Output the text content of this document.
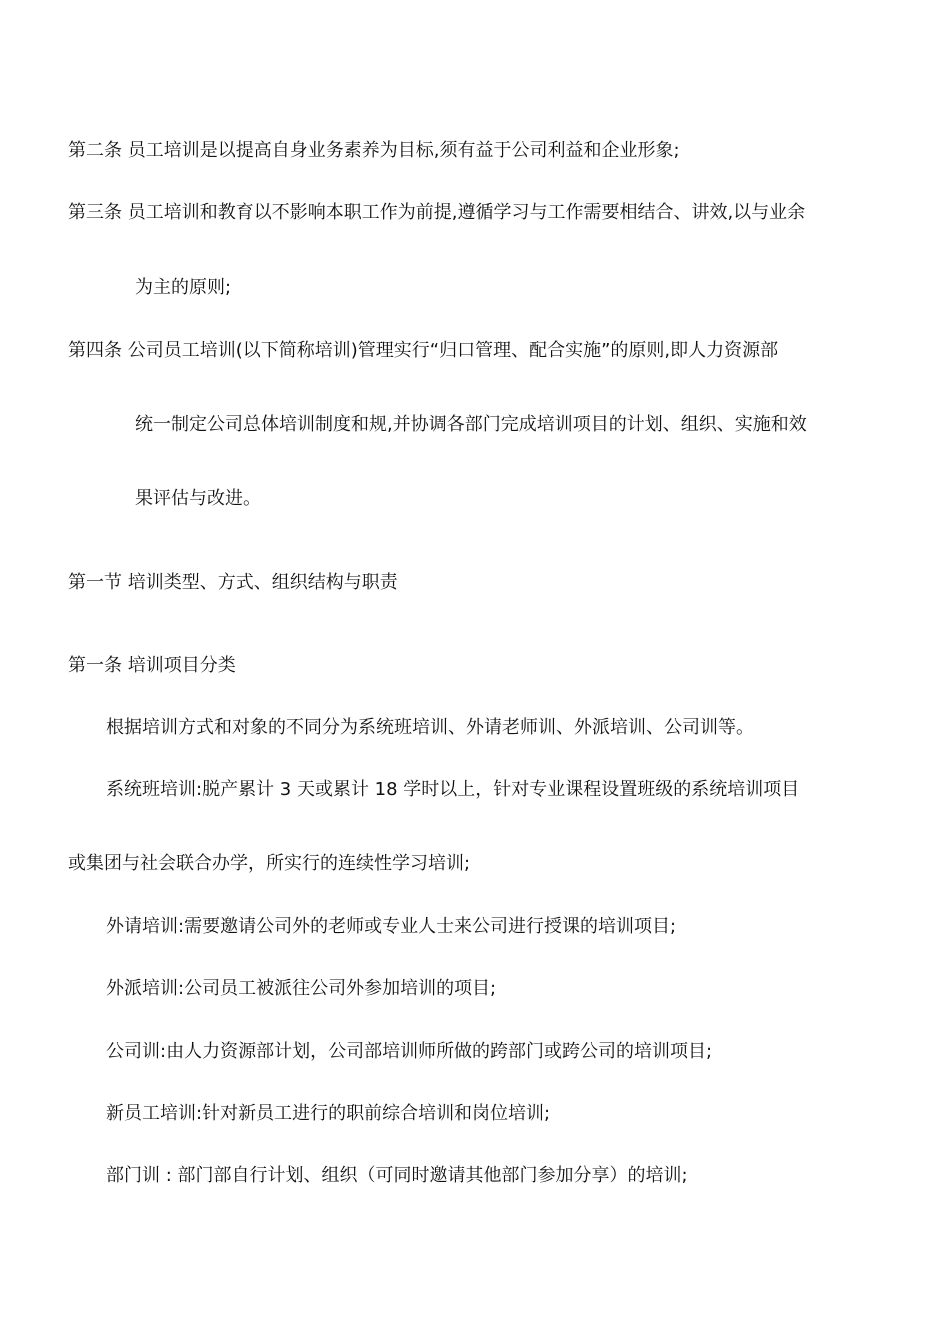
第二条 员工培训是以提高自身业务素养为目标,须有益于公司利益和企业形象;
第三条 员工培训和教育以不影响本职工作为前提,遵循学习与工作需要相结合、讲效,以与业余
为主的原则;
第四条 公司员工培训(以下简称培训)管理实行“归口管理、配合实施”的原则,即人力资源部
统一制定公司总体培训制度和规,并协调各部门完成培训项目的计划、组织、实施和效
果评估与改进。
第一节 培训类型、方式、组织结构与职责
第一条 培训项目分类
根据培训方式和对象的不同分为系统班培训、外请老师训、外派培训、公司训等。
系统班培训:脱产累计 3 天或累计 18 学时以上，针对专业课程设置班级的系统培训项目
或集团与社会联合办学，所实行的连续性学习培训;
外请培训:需要邀请公司外的老师或专业人士来公司进行授课的培训项目;
外派培训:公司员工被派往公司外参加培训的项目;
公司训:由人力资源部计划，公司部培训师所做的跨部门或跨公司的培训项目;
新员工培训:针对新员工进行的职前综合培训和岗位培训;
部门训 : 部门部自行计划、组织（可同时邀请其他部门参加分享）的培训;
